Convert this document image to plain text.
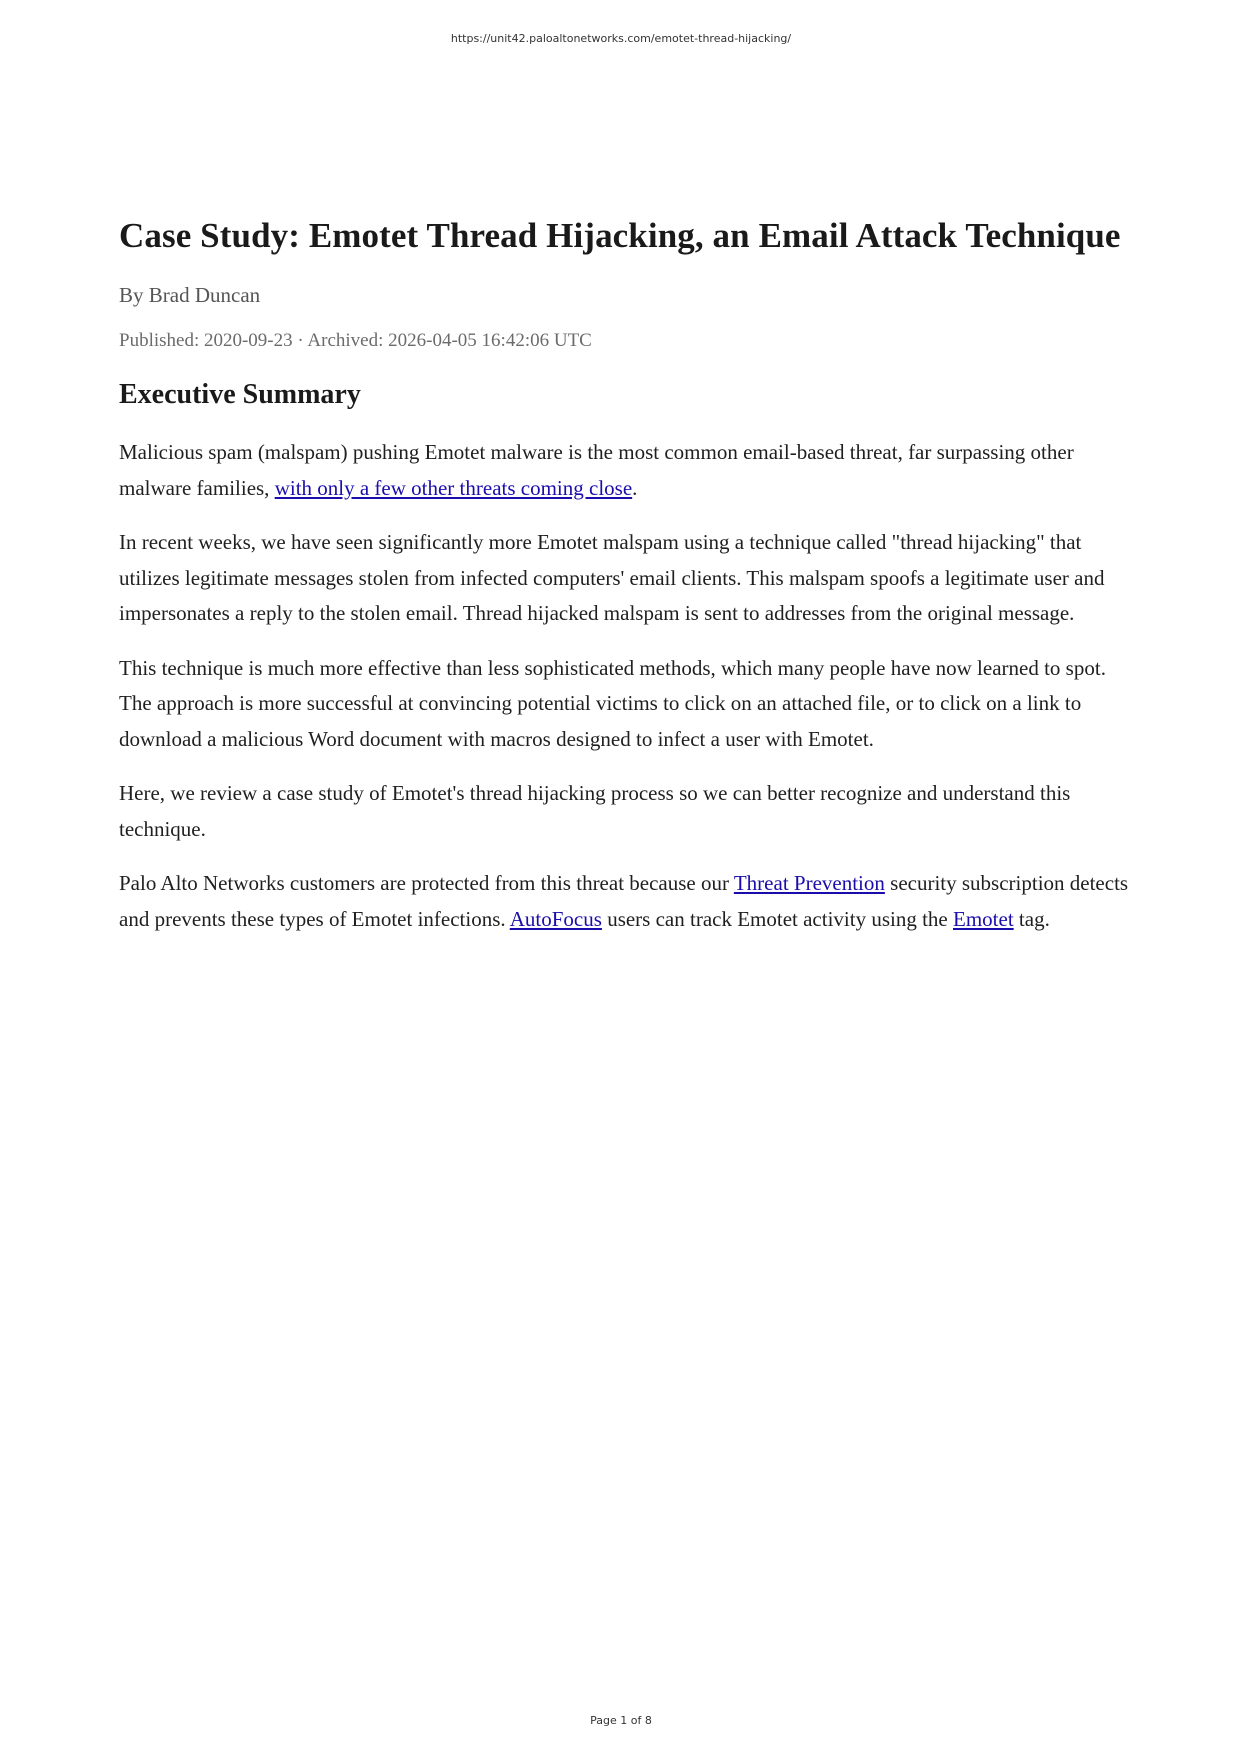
https://unit42.paloaltonetworks.com/emotet-thread-hijacking/
Case Study: Emotet Thread Hijacking, an Email Attack Technique
By Brad Duncan
Published: 2020-09-23 · Archived: 2026-04-05 16:42:06 UTC
Executive Summary

Malicious spam (malspam) pushing Emotet malware is the most common email-based threat, far surpassing other malware families, with only a few other threats coming close.

In recent weeks, we have seen significantly more Emotet malspam using a technique called "thread hijacking" that utilizes legitimate messages stolen from infected computers' email clients. This malspam spoofs a legitimate user and impersonates a reply to the stolen email. Thread hijacked malspam is sent to addresses from the original message.

This technique is much more effective than less sophisticated methods, which many people have now learned to spot. The approach is more successful at convincing potential victims to click on an attached file, or to click on a link to download a malicious Word document with macros designed to infect a user with Emotet.

Here, we review a case study of Emotet's thread hijacking process so we can better recognize and understand this technique.

Palo Alto Networks customers are protected from this threat because our Threat Prevention security subscription detects and prevents these types of Emotet infections. AutoFocus users can track Emotet activity using the Emotet tag.

Page 1 of 8
